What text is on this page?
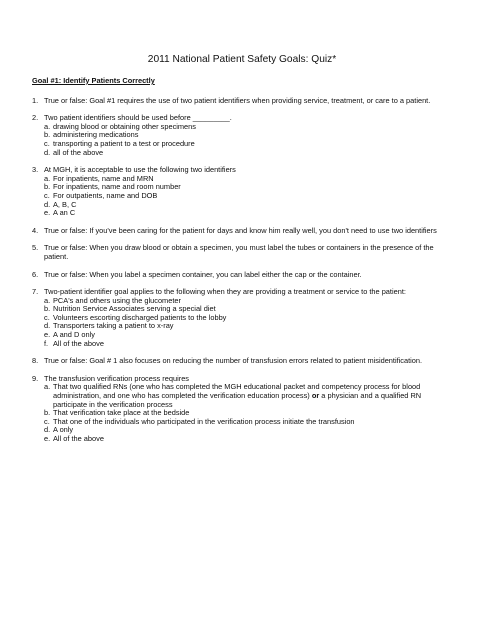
2011 National Patient Safety Goals: Quiz*
Goal #1: Identify Patients Correctly
1. True or false: Goal #1 requires the use of two patient identifiers when providing service, treatment, or care to a patient.
2. Two patient identifiers should be used before _________.
a. drawing blood or obtaining other specimens
b. administering medications
c. transporting a patient to a test or procedure
d. all of the above
3. At MGH, it is acceptable to use the following two identifiers
a. For inpatients, name and MRN
b. For inpatients, name and room number
c. For outpatients, name and DOB
d. A, B, C
e. A an C
4. True or false: If you've been caring for the patient for days and know him really well, you don't need to use two identifiers
5. True or false: When you draw blood or obtain a specimen, you must label the tubes or containers in the presence of the patient.
6. True or false: When you label a specimen container, you can label either the cap or the container.
7. Two-patient identifier goal applies to the following when they are providing a treatment or service to the patient:
a. PCA's and others using the glucometer
b. Nutrition Service Associates serving a special diet
c. Volunteers escorting discharged patients to the lobby
d. Transporters taking a patient to x-ray
e. A and D only
f. All of the above
8. True or false: Goal # 1 also focuses on reducing the number of transfusion errors related to patient misidentification.
9. The transfusion verification process requires
a. That two qualified RNs (one who has completed the MGH educational packet and competency process for blood administration, and one who has completed the verification education process) or a physician and a qualified RN participate in the verification process
b. That verification take place at the bedside
c. That one of the individuals who participated in the verification process initiate the transfusion
d. A only
e. All of the above
